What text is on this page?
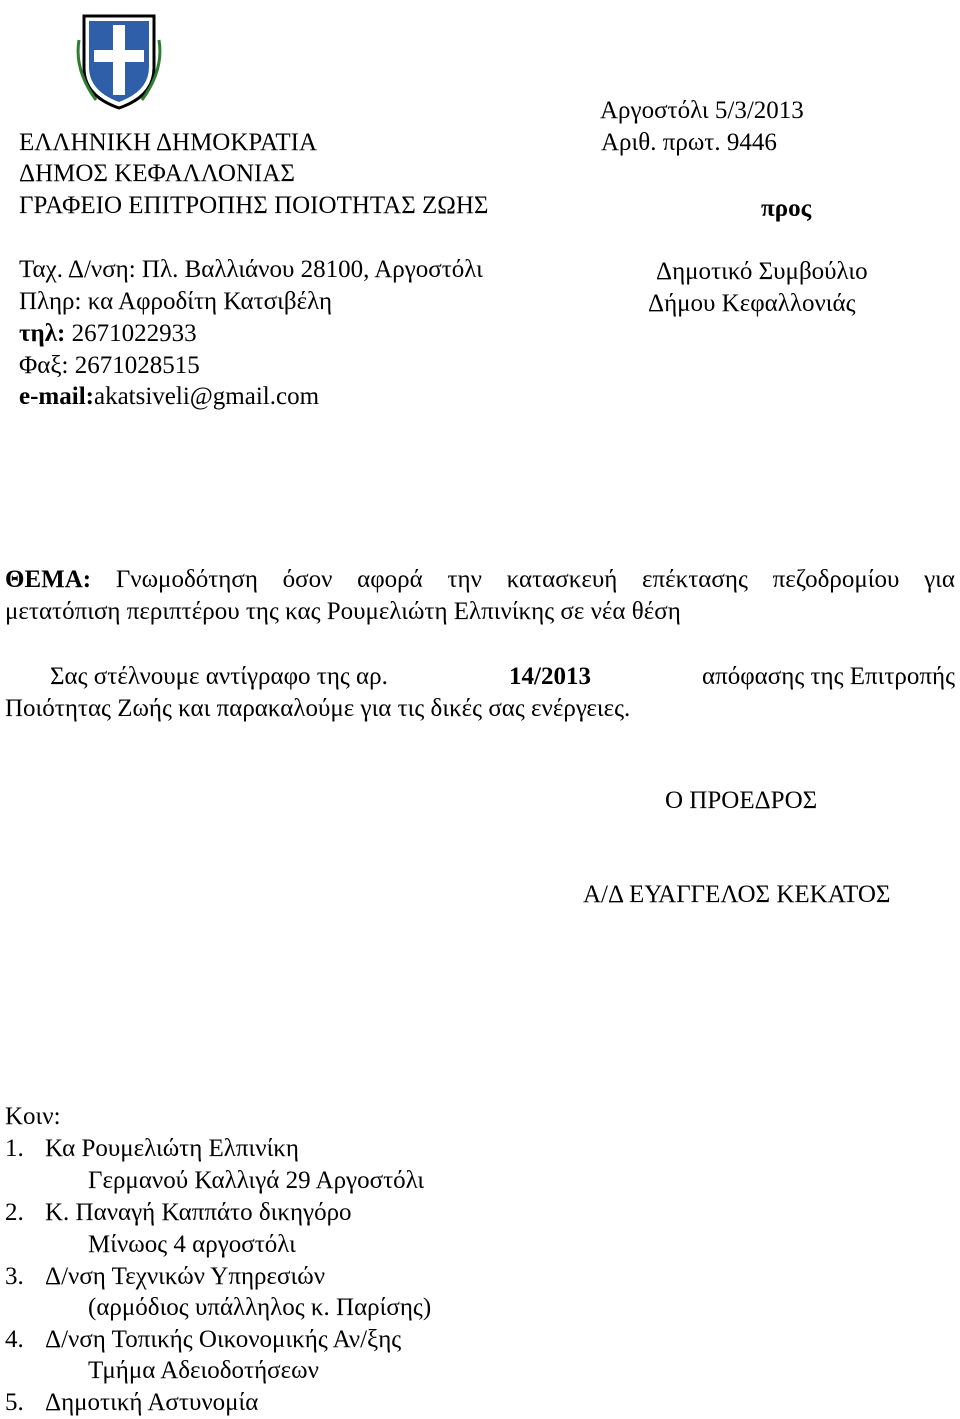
Αργοστόλι 5/3/2013
Αριθ. πρωτ. 9446
ΕΛΛΗΝΙΚΗ ΔΗΜΟΚΡΑΤΙΑ
ΔΗΜΟΣ ΚΕΦΑΛΛΟΝΙΑΣ
ΓΡΑΦΕΙΟ ΕΠΙΤΡΟΠΗΣ ΠΟΙΟΤΗΤΑΣ ΖΩΗΣ	προς
Ταχ. Δ/νση: Πλ. Βαλλιάνου 28100, Αργοστόλι
Πληρ: κα Αφροδίτη Κατσιβέλη
τηλ: 2671022933
Φαξ: 2671028515
e-mail:akatsiveli@gmail.com
Δημοτικό Συμβούλιο
Δήμου Κεφαλλονιάς
ΘΕΜΑ: Γνωμοδότηση όσον αφορά την κατασκευή επέκτασης πεζοδρομίου για
μετατόπιση περιπτέρου της κας Ρουμελιώτη Ελπινίκης σε νέα θέση
Σας στέλνουμε αντίγραφο της αρ.	14/2013	απόφασης της Επιτροπής
Ποιότητας Ζωής και παρακαλούμε για τις δικές σας ενέργειες.
Ο ΠΡΟΕΔΡΟΣ
Α/Δ ΕΥΑΓΓΕΛΟΣ ΚΕΚΑΤΟΣ
Κοιν:
1. Κα Ρουμελιώτη Ελπινίκη
Γερμανού Καλλιγά 29 Αργοστόλι
2. Κ. Παναγή Καππάτο δικηγόρο
Μίνωος 4 αργοστόλι
3. Δ/νση Τεχνικών Υπηρεσιών
(αρμόδιος υπάλληλος κ. Παρίσης)
4. Δ/νση Τοπικής Οικονομικής Αν/ξης
Τμήμα Αδειοδοτήσεων
5. Δημοτική Αστυνομία
